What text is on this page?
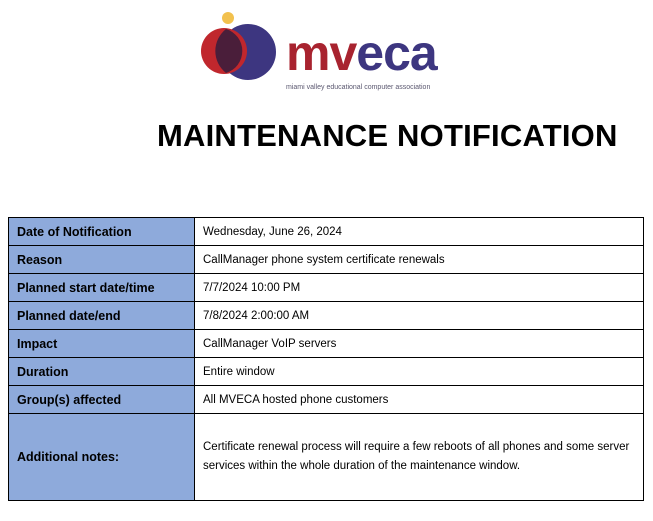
mveca
miami valley educational computer association
MAINTENANCE NOTIFICATION
Date of Notification	Wednesday, June 26, 2024
Reason	CallManager phone system certificate renewals
Planned start date/time	7/7/2024 10:00 PM
Planned date/end	7/8/2024 2:00:00 AM
Impact	CallManager VoIP servers
Duration	Entire window
Group(s) affected	All MVECA hosted phone customers
Additional notes:	Certificate renewal process will require a few reboots of all phones and some server services within the whole duration of the maintenance window.
